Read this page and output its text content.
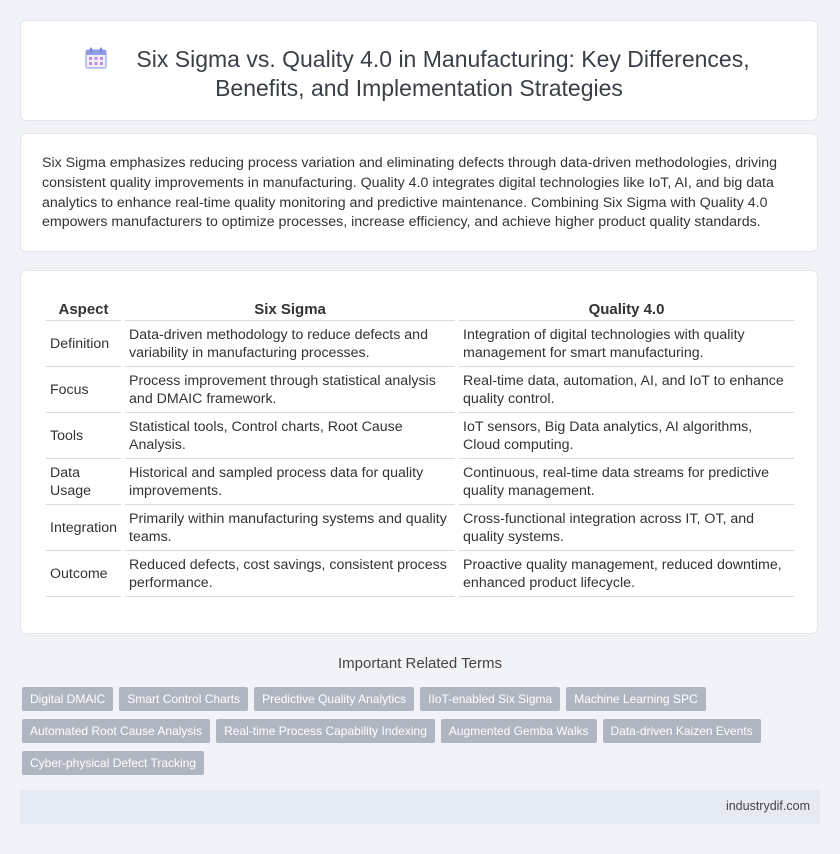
Six Sigma vs. Quality 4.0 in Manufacturing: Key Differences,
Benefits, and Implementation Strategies

Six Sigma emphasizes reducing process variation and eliminating defects through data-driven methodologies, driving consistent quality improvements in manufacturing. Quality 4.0 integrates digital technologies like IoT, AI, and big data analytics to enhance real-time quality monitoring and predictive maintenance. Combining Six Sigma with Quality 4.0 empowers manufacturers to optimize processes, increase efficiency, and achieve higher product quality standards.

Aspect	Six Sigma	Quality 4.0
Definition	Data-driven methodology to reduce defects and variability in manufacturing processes.	Integration of digital technologies with quality management for smart manufacturing.
Focus	Process improvement through statistical analysis and DMAIC framework.	Real-time data, automation, AI, and IoT to enhance quality control.
Tools	Statistical tools, Control charts, Root Cause Analysis.	IoT sensors, Big Data analytics, AI algorithms, Cloud computing.
Data Usage	Historical and sampled process data for quality improvements.	Continuous, real-time data streams for predictive quality management.
Integration	Primarily within manufacturing systems and quality teams.	Cross-functional integration across IT, OT, and quality systems.
Outcome	Reduced defects, cost savings, consistent process performance.	Proactive quality management, reduced downtime, enhanced product lifecycle.
Important Related Terms
Digital DMAIC Smart Control Charts Predictive Quality Analytics IIoT-enabled Six Sigma Machine Learning SPCAutomated Root Cause Analysis Real-time Process Capability Indexing Augmented Gemba Walks Data-driven Kaizen EventsCyber-physical Defect Tracking
industrydif.com
